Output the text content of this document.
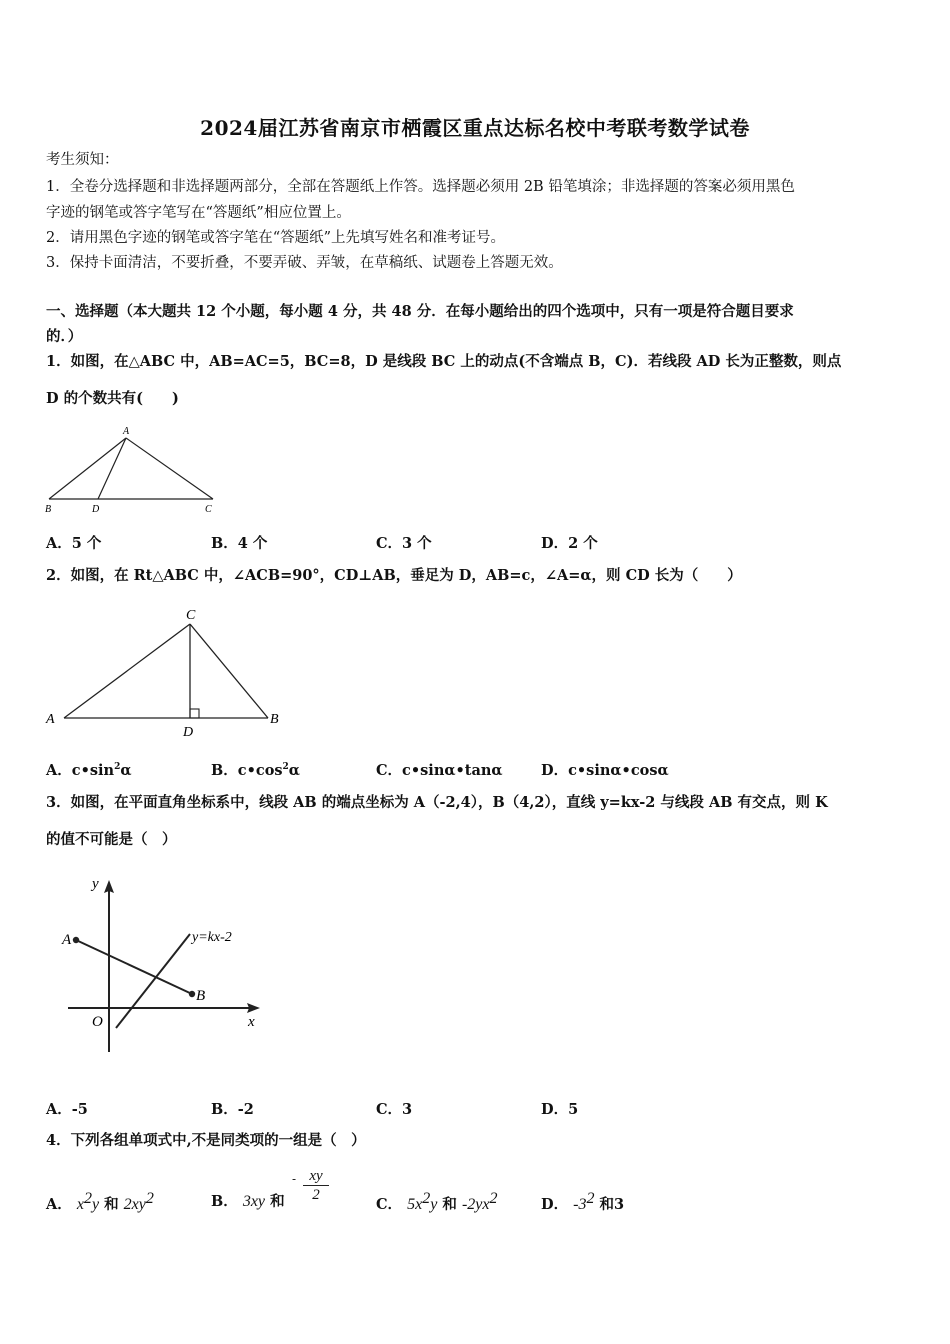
2024届江苏省南京市栖霞区重点达标名校中考联考数学试卷
考生须知：
1．全卷分选择题和非选择题两部分，全部在答题纸上作答。选择题必须用 2B 铅笔填涂；非选择题的答案必须用黑色
字迹的钢笔或答字笔写在“答题纸”相应位置上。
2．请用黑色字迹的钢笔或答字笔在“答题纸”上先填写姓名和准考证号。
3．保持卡面清洁，不要折叠，不要弄破、弄皱，在草稿纸、试题卷上答题无效。
一、选择题（本大题共 12 个小题，每小题 4 分，共 48 分．在每小题给出的四个选项中，只有一项是符合题目要求
的．）
1．如图，在△ABC 中，AB=AC=5，BC=8，D 是线段 BC 上的动点(不含端点 B，C)．若线段 AD 长为正整数，则点
D 的个数共有(　　)
A
B	D	C
A．5 个	B．4 个	C．3 个	D．2 个
2．如图，在 Rt△ABC 中，∠ACB=90°，CD⊥AB，垂足为 D，AB=c，∠A=α，则 CD 长为（　　）
C
A	B
D
A．$c•\sin^2\alpha$	B．$c•\cos^2\alpha$	C．c•sinα•tanα	D．c•sinα•cosα
3．如图，在平面直角坐标系中，线段 AB 的端点坐标为 A（-2,4），B（4,2），直线 y=kx-2 与线段 AB 有交点，则 K
的值不可能是（　）
y
x
O
A
B
y=kx-2
A．-5	B．-2	C．3	D．5
4．下列各组单项式中,不是同类项的一组是（　）
A． $x^2y$ 和 $2xy^2$	B． 3xy 和
- $\frac{xy}{2}$
C． $5x^2y$ 和 $-2yx^2$	D． $-3^2$ 和3
